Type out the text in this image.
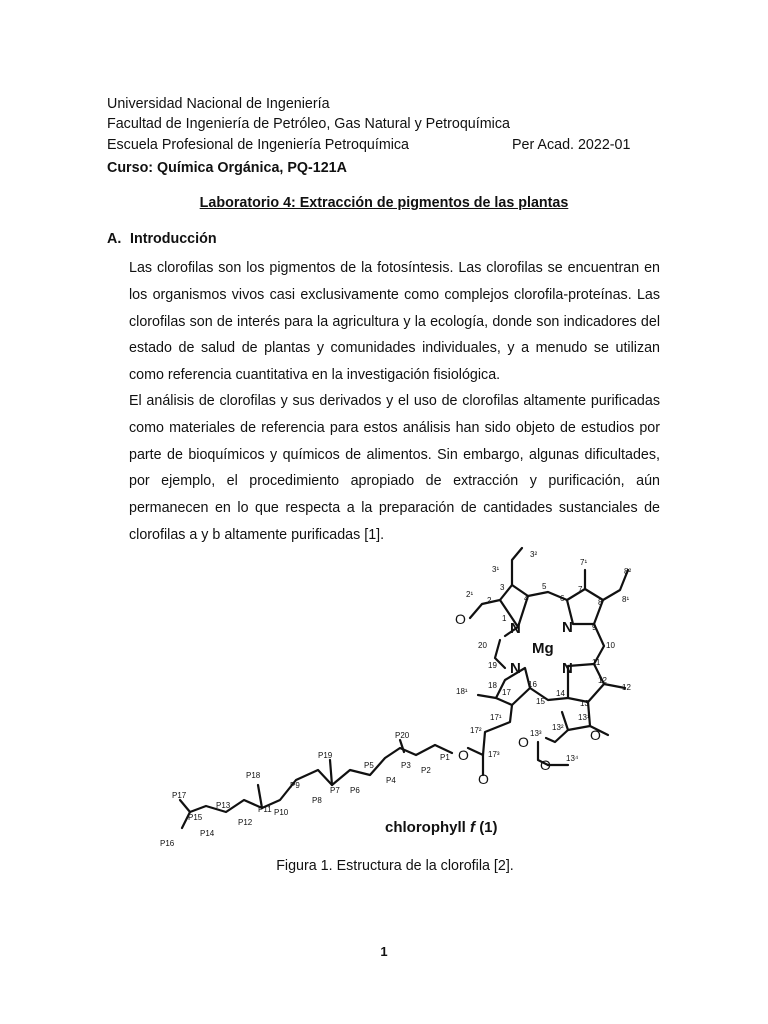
Universidad Nacional de Ingeniería
Facultad de Ingeniería de Petróleo, Gas Natural y Petroquímica
Escuela Profesional de Ingeniería Petroquímica	Per Acad. 2022-01
Curso: Química Orgánica, PQ-121A
Laboratorio 4: Extracción de pigmentos de las plantas
A. Introducción

Las clorofilas son los pigmentos de la fotosíntesis. Las clorofilas se encuentran en los organismos vivos casi exclusivamente como complejos clorofila-proteínas. Las clorofilas son de interés para la agricultura y la ecología, donde son indicadores del estado de salud de plantas y comunidades individuales, y a menudo se utilizan como referencia cuantitativa en la investigación fisiológica.

El análisis de clorofilas y sus derivados y el uso de clorofilas altamente purificadas como materiales de referencia para estos análisis han sido objeto de estudios por parte de bioquímicos y químicos de alimentos. Sin embargo, algunas dificultades, por ejemplo, el procedimiento apropiado de extracción y purificación, aún permanecen en lo que respecta a la preparación de cantidades sustanciales de clorofilas a y b altamente purificadas [1].

N	N
N	N
Mg
O
O
O
O
O
O
1
2
3
4
5
6
7
8
9
10
11
12
13
14
15
16
17
18
19
20
2¹
3¹
3²
7¹
8¹
8²
12
13¹
13²
13³
13⁴
17¹
17²
17³
18¹
P1
P2
P3
P4
P5
P6
P7
P8
P9
P10
P11
P12
P13
P14
P15
P16
P17
P18
P19
P20
chlorophyll f (1)
Figura 1. Estructura de la clorofila [2].
1
